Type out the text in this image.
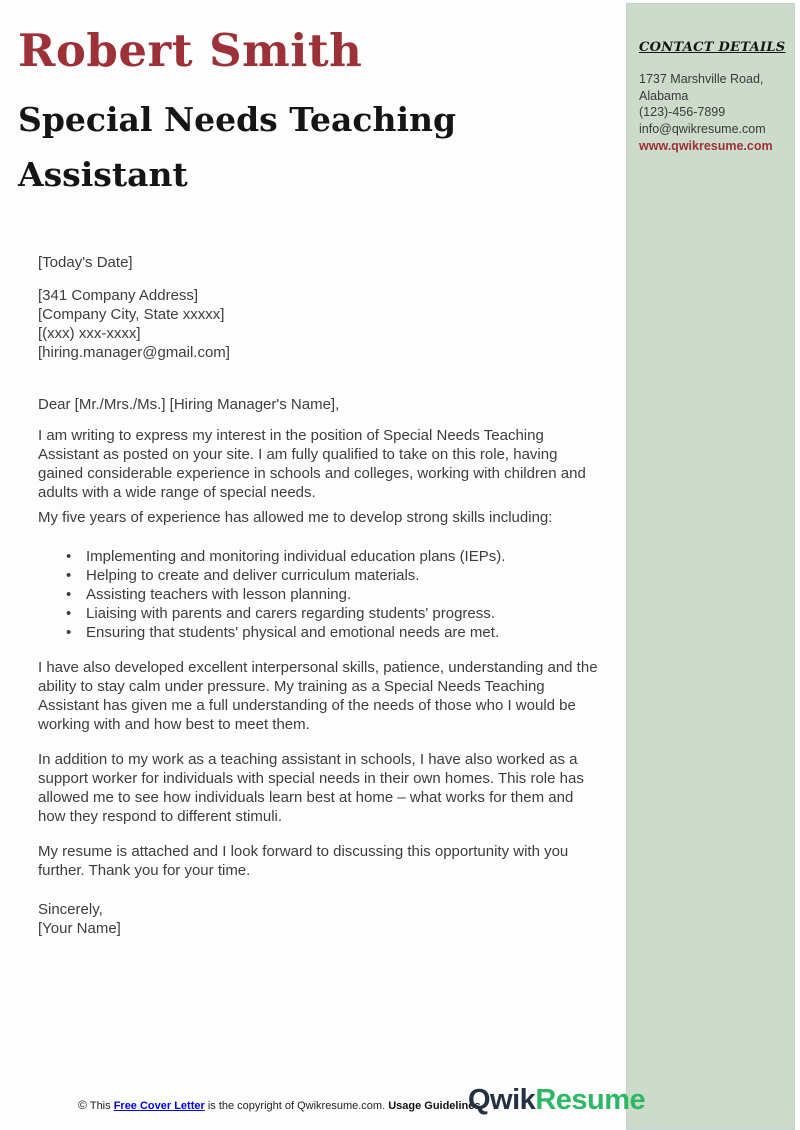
Robert Smith
Special Needs Teaching Assistant
CONTACT DETAILS
1737 Marshville Road,
Alabama
(123)-456-7899
info@qwikresume.com
www.qwikresume.com
[Today's Date]
[341 Company Address]
[Company City, State xxxxx]
[(xxx) xxx-xxxx]
[hiring.manager@gmail.com]
Dear [Mr./Mrs./Ms.] [Hiring Manager's Name],

I am writing to express my interest in the position of Special Needs Teaching Assistant as posted on your site. I am fully qualified to take on this role, having gained considerable experience in schools and colleges, working with children and adults with a wide range of special needs.

My five years of experience has allowed me to develop strong skills including:

• Implementing and monitoring individual education plans (IEPs).
• Helping to create and deliver curriculum materials.
• Assisting teachers with lesson planning.
• Liaising with parents and carers regarding students' progress.
• Ensuring that students' physical and emotional needs are met.

I have also developed excellent interpersonal skills, patience, understanding and the ability to stay calm under pressure. My training as a Special Needs Teaching Assistant has given me a full understanding of the needs of those who I would be working with and how best to meet them.

In addition to my work as a teaching assistant in schools, I have also worked as a support worker for individuals with special needs in their own homes. This role has allowed me to see how individuals learn best at home – what works for them and how they respond to different stimuli.

My resume is attached and I look forward to discussing this opportunity with you further. Thank you for your time.

Sincerely,
[Your Name]
© This Free Cover Letter is the copyright of Qwikresume.com. Usage Guidelines
QwikResume
